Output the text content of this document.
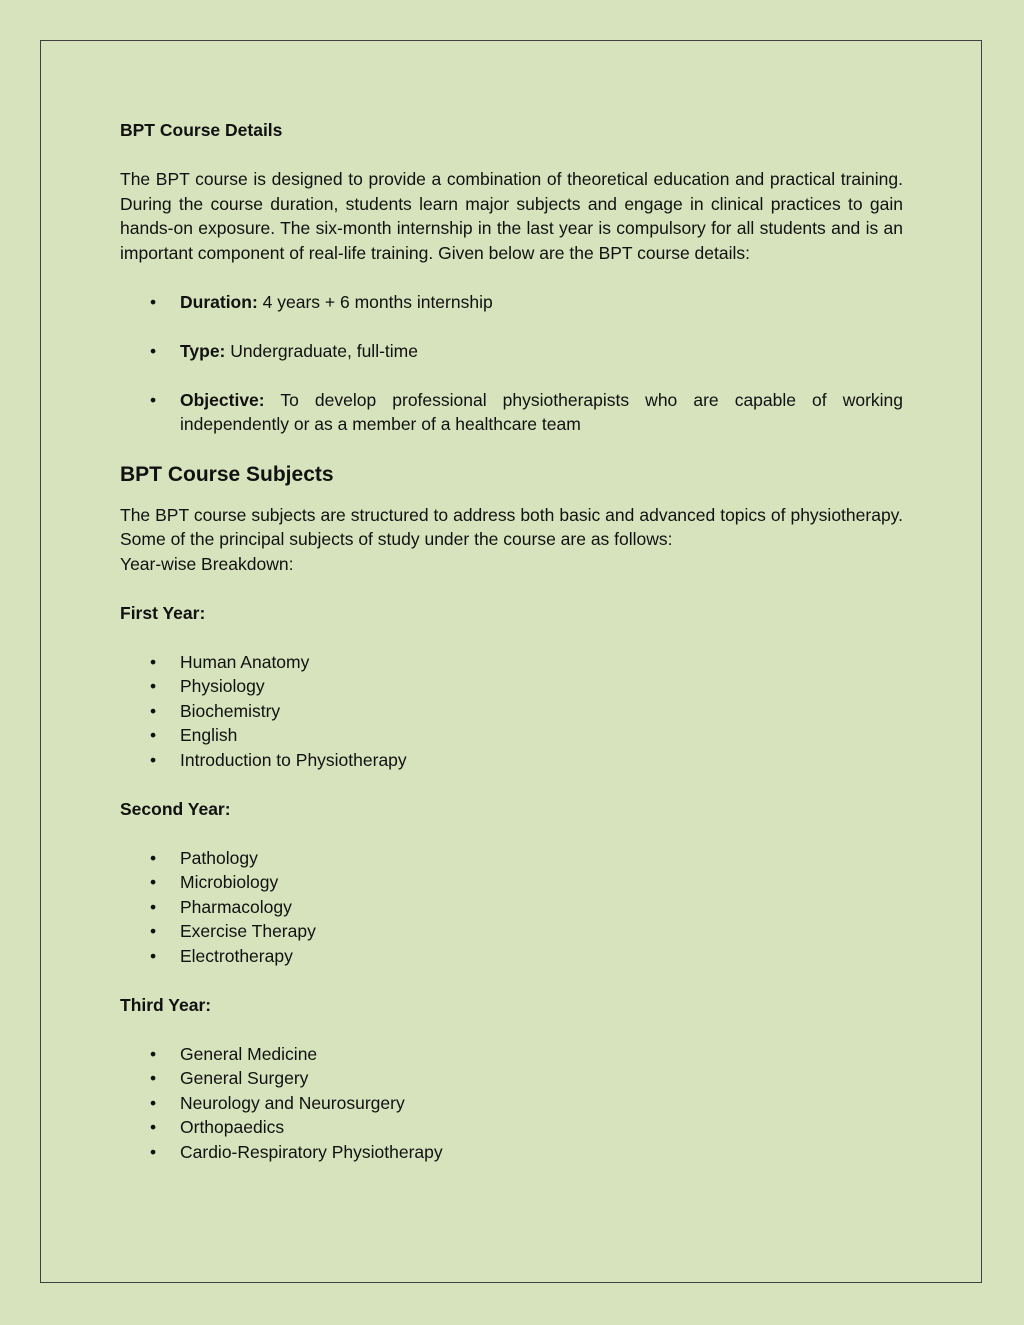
BPT Course Details

The BPT course is designed to provide a combination of theoretical education and practical training. During the course duration, students learn major subjects and engage in clinical practices to gain hands-on exposure. The six-month internship in the last year is compulsory for all students and is an important component of real-life training. Given below are the BPT course details:

• Duration: 4 years + 6 months internship
• Type: Undergraduate, full-time
• Objective: To develop professional physiotherapists who are capable of working independently or as a member of a healthcare team
BPT Course Subjects

The BPT course subjects are structured to address both basic and advanced topics of physiotherapy. Some of the principal subjects of study under the course are as follows:

Year-wise Breakdown:

First Year:
• Human Anatomy
• Physiology
• Biochemistry
• English
• Introduction to Physiotherapy
Second Year:
• Pathology
• Microbiology
• Pharmacology
• Exercise Therapy
• Electrotherapy
Third Year:
• General Medicine
• General Surgery
• Neurology and Neurosurgery
• Orthopaedics
• Cardio-Respiratory Physiotherapy
